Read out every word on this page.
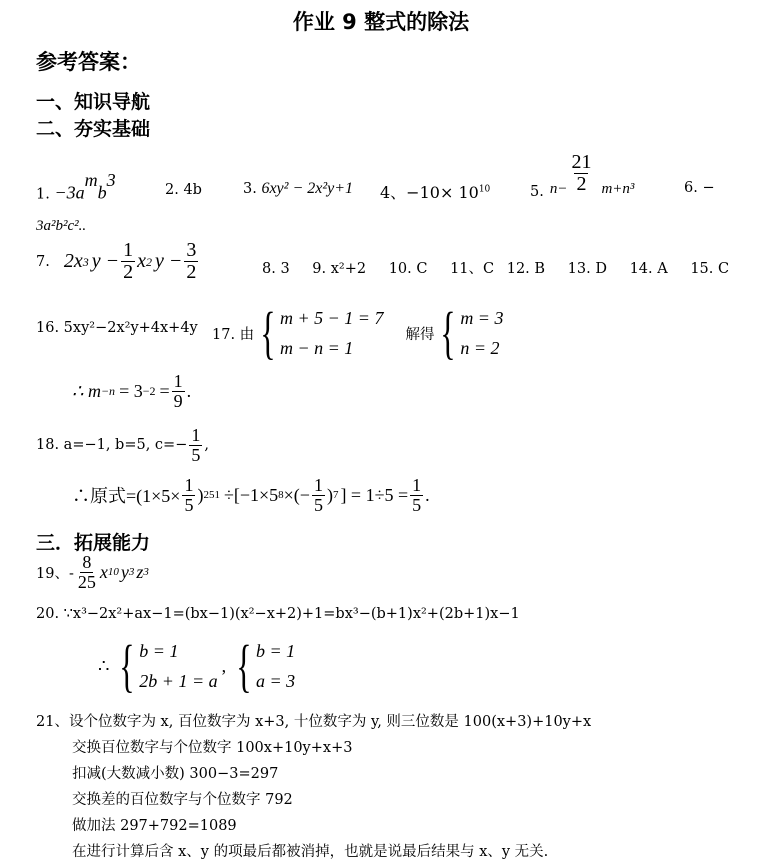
作业 9 整式的除法
参考答案：
一、知识导航
二、夯实基础
1. $-3a^mb^3$	2. 4b	3. 6xy² − 2x²y+1 4、$-10\times 10^{10}$	5. $n- \frac{21}{2} m+n^3$	6. −
3a²b²c²..
7. 2x 3 $y - \frac{1}{2}$ x 2 $y - \frac{3}{2}$	8. 3 9. x²+2 10. C 11、C 12. B 13. D 14. A 15. C
16. 5xy²−2x²y+4x+4y 17. 由 { m + 5 − 1 = 7
m − n = 1
解得 { m = 3
n = 2
∴ $m -n = 3 -2 = \frac{1}{9}$ .
18. a=−1, b=5, $c=- \frac{1}{5}$ ,
∴原式$=(1\times 5\times \frac{1}{5}$ ) 251 ÷[−1×5 8 ×(− $\frac{1}{5}$ ) 7 ] = $1\div 5 = \frac{1}{5}$ .
三．拓展能力
19、- $\frac{8}{25}$ x 10 y 3 z 3
20. ∵x³−2x²+ax−1=(bx−1)(x²−x+2)+1=bx³−(b+1)x²+(2b+1)x−1
∴ { b = 1
2b + 1 = a
, { b = 1
a = 3
21、设个位数字为 x, 百位数字为 x+3, 十位数字为 y, 则三位数是 100(x+3)+10y+x
交换百位数字与个位数字 100x+10y+x+3
扣减(大数减小数) 300−3=297
交换差的百位数字与个位数字 792
做加法 297+792=1089
在进行计算后含 x、y 的项最后都被消掉，也就是说最后结果与 x、y 无关.
